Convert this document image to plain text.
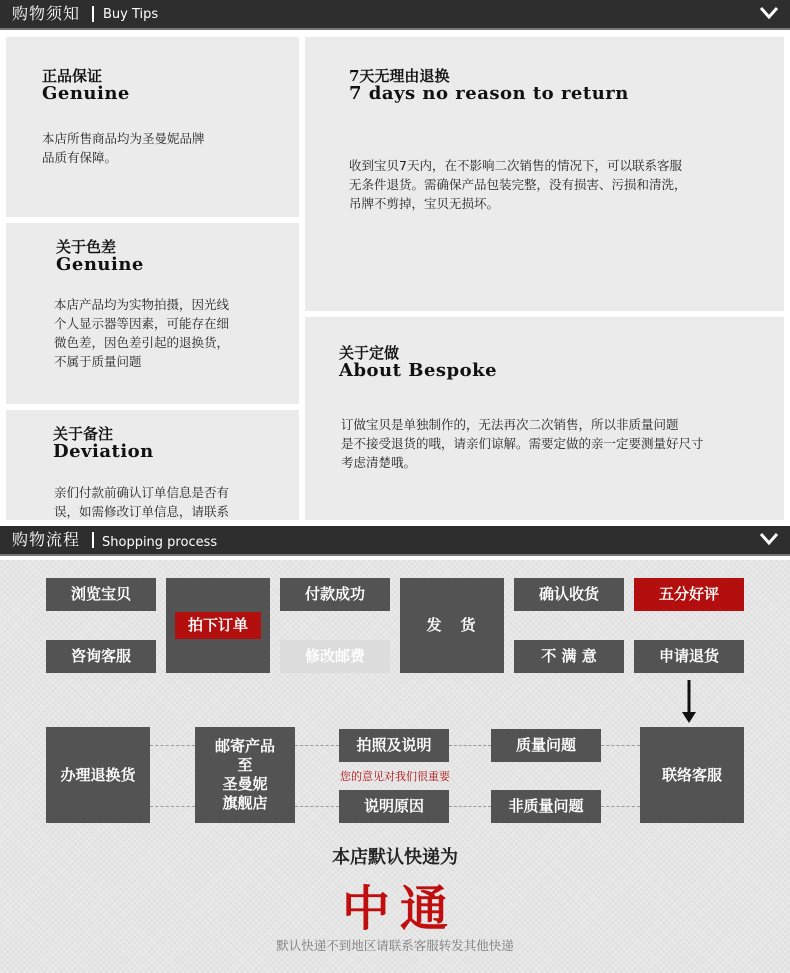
购物须知 Buy Tips
正品保证
Genuine
本店所售商品均为圣曼妮品牌
品质有保障。
7天无理由退换
7 days no reason to return
收到宝贝7天内，在不影响二次销售的情况下，可以联系客服
无条件退货。需确保产品包装完整，没有损害、污损和清洗，
吊牌不剪掉，宝贝无损坏。
关于色差
Genuine
本店产品均为实物拍摄，因光线
个人显示器等因素，可能存在细
微色差，因色差引起的退换货，
不属于质量问题	关于定做
About Bespoke
订做宝贝是单独制作的，无法再次二次销售，所以非质量问题
是不接受退货的哦，请亲们谅解。需要定做的亲一定要测量好尺寸
考虑清楚哦。
关于备注
Deviation
亲们付款前确认订单信息是否有
误，如需修改订单信息，请联系
购物流程 Shopping process
浏览宝贝
咨询客服
拍下订单
付款成功
修改邮费
发　货
确认收货
不 满 意
五分好评
申请退货
办理退换货
邮寄产品
至
圣曼妮
旗舰店
拍照及说明
说明原因
您的意见对我们很重要
质量问题
非质量问题
联络客服
本店默认快递为
中通
默认快递不到地区请联系客服转发其他快递
